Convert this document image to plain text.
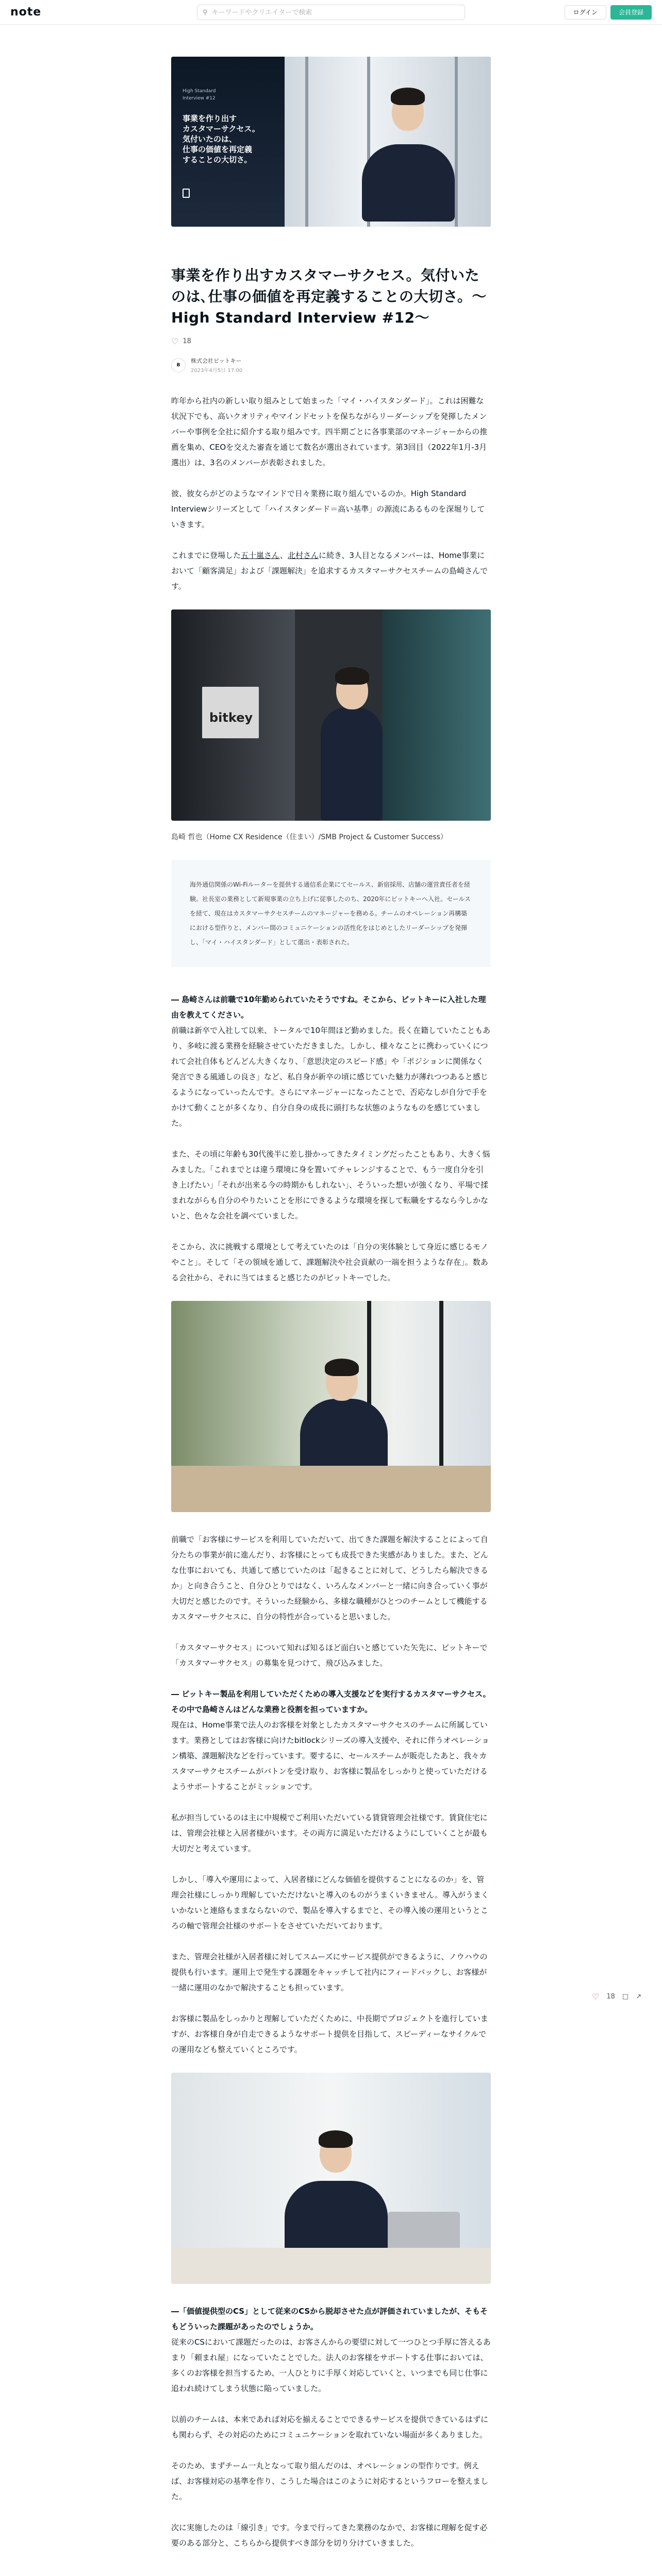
note	⚲
キーワードやクリエイターで検索	ログイン	会員登録
High Standard
Interview #12
事業を作り出す
カスタマーサクセス。
気付いたのは、
仕事の価値を再定義
することの大切さ。
事業を作り出すカスタマーサクセス。気付いたのは､仕事の価値を再定義することの大切さ。〜High Standard Interview #12〜
♡ 18
B
株式会社ビットキー
2023年4月5日 17:00

昨年から社内の新しい取り組みとして始まった「マイ・ハイスタンダード」。これは困難な状況下でも、高いクオリティやマインドセットを保ちながらリーダーシップを発揮したメンバーや事例を全社に紹介する取り組みです。四半期ごとに各事業部のマネージャーからの推薦を集め、CEOを交えた審査を通じて数名が選出されています。第3回目（2022年1月-3月選出）は、3名のメンバーが表彰されました。

彼、彼女らがどのようなマインドで日々業務に取り組んでいるのか。High Standard Interviewシリーズとして「ハイスタンダード＝高い基準」の源流にあるものを深堀りしていきます。

これまでに登場した五十嵐さん、北村さんに続き、3人目となるメンバーは、Home事業において「顧客満足」および「課題解決」を追求するカスタマーサクセスチームの島崎さんです。

bitkey
島崎 哲也（Home CX Residence（住まい）/SMB Project & Customer Success）
海外通信関係のWi-Fiルーターを提供する通信系企業にてセールス、新宿採用、店舗の運営責任者を経験。社長室の業務として新規事業の立ち上げに従事したのち、2020年にビットキーへ入社。セールスを経て、現在はカスタマーサクセスチームのマネージャーを務める。チームのオペレーション再構築における型作りと、メンバー間のコミュニケーションの活性化をはじめとしたリーダーシップを発揮し、「マイ・ハイスタンダード」として選出・表彰された。

― 島崎さんは前職で10年勤められていたそうですね。そこから、ビットキーに入社した理由を教えてください。

前職は新卒で入社して以来、トータルで10年間ほど勤めました。長く在籍していたこともあり、多岐に渡る業務を経験させていただきました。しかし、様々なことに携わっていくにつれて会社自体もどんどん大きくなり、「意思決定のスピード感」や「ポジションに関係なく発言できる風通しの良さ」など、私自身が新卒の頃に感じていた魅力が薄れつつあると感じるようになっていったんです。さらにマネージャーになったことで、否応なしが自分で手をかけて動くことが多くなり、自分自身の成長に頭打ちな状態のようなものを感じていました。

また、その頃に年齢も30代後半に差し掛かってきたタイミングだったこともあり、大きく悩みました。「これまでとは違う環境に身を置いてチャレンジすることで、もう一度自分を引き上げたい」「それが出来る今の時期かもしれない」、そういった想いが強くなり、平場で揉まれながらも自分のやりたいことを形にできるような環境を探して転職をするなら今しかないと、色々な会社を調べていました。

そこから、次に挑戦する環境として考えていたのは「自分の実体験として身近に感じるモノやこと」。そして「その領域を通して、課題解決や社会貢献の一端を担うような存在」。数ある会社から、それに当てはまると感じたのがビットキーでした。

前職で「お客様にサービスを利用していただいて、出てきた課題を解決することによって自分たちの事業が前に進んだり、お客様にとっても成長できた実感がありました。また、どんな仕事においても、共通して感じていたのは「起きることに対して、どうしたら解決できるか」と向き合うこと、自分ひとりではなく、いろんなメンバーと一緒に向き合っていく事が大切だと感じたのです。そういった経験から、多様な職種がひとつのチームとして機能するカスタマーサクセスに、自分の特性が合っていると思いました。

「カスタマーサクセス」について知れば知るほど面白いと感じていた矢先に、ビットキーで「カスタマーサクセス」の募集を見つけて、飛び込みました。

― ビットキー製品を利用していただくための導入支援などを実行するカスタマーサクセス。その中で島崎さんはどんな業務と役割を担っていますか。

現在は、Home事業で法人のお客様を対象としたカスタマーサクセスのチームに所属しています。業務としてはお客様に向けたbitlockシリーズの導入支援や、それに伴うオペレーション構築、課題解決などを行っています。要するに、セールスチームが販売したあと、我々カスタマーサクセスチームがバトンを受け取り、お客様に製品をしっかりと使っていただけるようサポートすることがミッションです。

私が担当しているのは主に中規模でご利用いただいている賃貸管理会社様です。賃貸住宅には、管理会社様と入居者様がいます。その両方に満足いただけるようにしていくことが最も大切だと考えています。

しかし、「導入や運用によって、入居者様にどんな価値を提供することになるのか」を、管理会社様にしっかり理解していただけないと導入のものがうまくいきません。導入がうまくいかないと連絡もままならないので、製品を導入するまでと、その導入後の運用というところの軸で管理会社様のサポートをさせていただいております。

また、管理会社様が入居者様に対してスムーズにサービス提供ができるように、ノウハウの提供も行います。運用上で発生する課題をキャッチして社内にフィードバックし、お客様が一緒に運用のなかで解決することも担っています。

お客様に製品をしっかりと理解していただくために、中長期でプロジェクトを進行していますが、お客様自身が自走できるようなサポート提供を目指して、スピーディーなサイクルでの運用なども整えていくところです。

―「価値提供型のCS」として従来のCSから脱却させた点が評価されていましたが、そもそもどういった課題があったのでしょうか。

従来のCSにおいて課題だったのは、お客さんからの要望に対して一つひとつ手厚に答えるあまり「頼まれ屋」になっていたことでした。法人のお客様をサポートする仕事においては、多くのお客様を担当するため、一人ひとりに手厚く対応していくと、いつまでも同じ仕事に追われ続けてしまう状態に陥っていました。

以前のチームは、本来であれば対応を揃えることでできるサービスを提供できているはずにも関わらず、その対応のためにコミュニケーションを取れていない場面が多くありました。

そのため、まずチーム一丸となって取り組んだのは、オペレーションの型作りです。例えば、お客様対応の基準を作り、こうした場合はこのように対応するというフローを整えました。

次に実施したのは「線引き」です。今まで行ってきた業務のなかで、お客様に理解を促す必要のある部分と、こちらから提供すべき部分を切り分けていきました。

♡ 18 □ ↗
